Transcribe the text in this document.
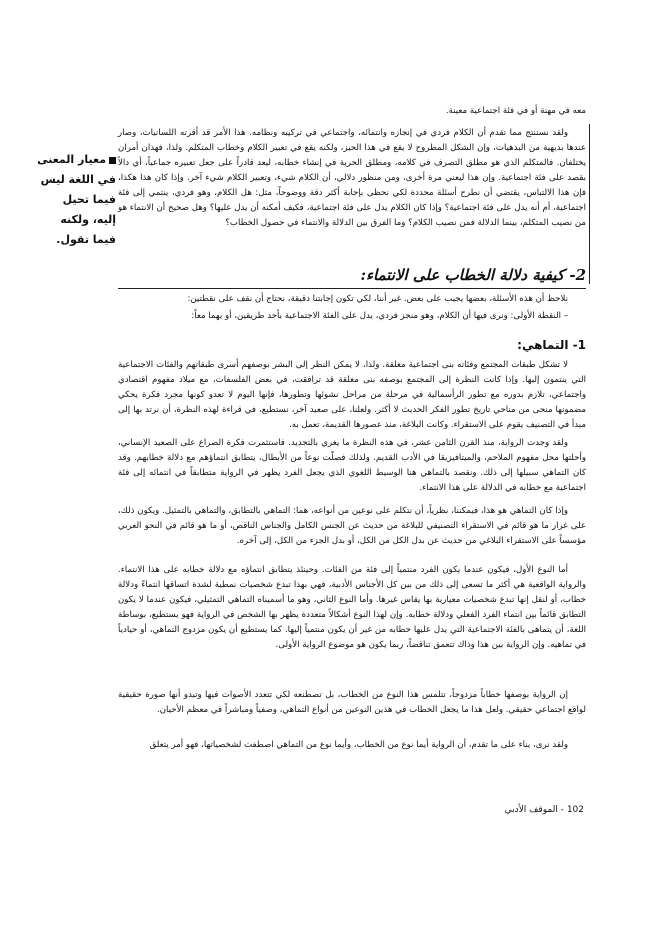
معيار المعنى في اللغة ليس فيما تحيل إليه، ولكنه فيما تقول.
معه في مهنة أو في فئة اجتماعية معينة.
ولقد نستنتج مما تقدم أن الكلام فردي في إنجازه وانتمائه، واجتماعي في تركيبه ونظامه. هذا الأمر قد أقرته اللسانيات، وصار عندها بديهية من البدهيات، وإن الشكل المطروح لا يقع في هذا الحيز، ولكنه يقع في تعبير الكلام وخطاب المتكلم. ولذا، فهذان أمران يختلفان. فالمتكلم الذي هو مطلق التصرف في كلامه، ومطلق الحرية في إنشاء خطابه، ليعد قادراً على جعل تعبيره جماعياً، أي دالاً بقصد على فئة اجتماعية. وإن هذا ليعني مرة أخرى، ومن منظور دلالي، أن الكلام شيء، وتعبير الكلام شيء آخر. وإذا كان هذا هكذا، فإن هذا الالتباس، يقتضي أن نطرح أسئلة محددة لكي نحظى بإجابة أكثر دقة ووضوحاً، مثل: هل الكلام، وهو فردي، ينتمي إلى فئة اجتماعية، أم أنه يدل على فئة اجتماعية؟ وإذا كان الكلام يدل على فئة اجتماعية، فكيف أمكنه أن يدل عليها؟ وهل صحيح أن الانتماء هو من نصيب المتكلم، بينما الدلالة فمن نصيب الكلام؟ وما الفرق بين الدلالة والانتماء في حصول الخطاب؟
2- كيفية دلالة الخطاب على الانتماء:
نلاحظ أن هذه الأسئلة، بعضها يجيب على بعض. غير أننا، لكي تكون إجابتنا دقيقة، نحتاج أن نقف على نقطتين:
– النقطة الأولى: ونرى فيها أن الكلام، وهو منجز فردي، يدل على الفئة الاجتماعية بأحد طريقين، أو بهما معاً:
1- التماهي:
لا تشكل طبقات المجتمع وفئاته بنى اجتماعية مغلقة. ولذا، لا يمكن النظر إلى البشر بوصفهم أسرى طبقاتهم والفئات الاجتماعية التي ينتمون إليها. وإذا كانت النظرة إلى المجتمع بوصفه بنى مغلقة قد ترافقت، في بعض الفلسفات، مع ميلاد مفهوم اقتصادي واجتماعي، تلازم بدوره مع تطور الرأسمالية في مرحلة من مراحل نشوئها وتطورها، فإنها اليوم لا تعدو كونها مجرد فكرة يحكي مضمونها منحى من مناحي تاريخ تطور الفكر الحديث لا أكثر. ولعلنا، على صعيد آخر، نستطيع، في قراءة لهذه النظرة، أن نرتد بها إلى مبدأ في التصنيف يقوم على الاستقراء. وكانت البلاغة، منذ عصورها القديمة، تعمل به.
ولقد وجدت الرواية، منذ القرن الثامن عشر، في هذه النظرة ما يغري بالتجديد. فاستثمرت فكرة الصراع على الصعيد الإنساني، وأحلتها محل مفهوم الملاحم، والميتافيزيقا في الأدب القديم. ولذلك فصلّت نوعاً من الأبطال، يتطابق انتماؤهم مع دلالة خطابهم. وقد كان التماهي سبيلها إلى ذلك. ونقصد بالتماهي هنا الوسيط اللغوي الذي يجعل الفرد يظهر في الرواية متطابقاً في انتمائه إلى فئة اجتماعية مع خطابه في الدلالة على هذا الانتماء.
وإذا كان التماهي هو هذا، فيمكننا، نظرياً، أن نتكلم على نوعين من أنواعه، هما: التماهي بالتطابق، والتماهي بالتمثيل. ويكون ذلك، على غرار ما هو قائم في الاستقراء التصنيفي للبلاغة من حديث عن الجنس الكامل والجناس الناقص، أو ما هو قائم في النحو العربي مؤسساً على الاستقراء البلاغي من حديث عن بدل الكل من الكل، أو بدل الجزء من الكل، إلى آخره.
أما النوع الأول، فيكون عندما يكون الفرد منتمياً إلى فئة من الفئات. وحينئذ يتطابق انتماؤه مع دلالة خطابه على هذا الانتماء. والرواية الواقعية هي أكثر ما تسعى إلى ذلك من بين كل الأجناس الأدبية، فهي بهذا تبدع شخصيات نمطية لشدة اتساقها انتماءً ودلالة خطاب، أو لنقل إنها تبدع شخصيات معيارية بها يقاس غيرها. وأما النوع الثاني، وهو ما أسميناه التماهي التمثيلي، فيكون عندما لا يكون التطابق قائماً بين انتماء الفرد الفعلي ودلالة خطابه. وإن لهذا النوع أشكالاً متعددة يظهر بها الشخص في الرواية فهو يستطيع، بوساطة اللغة، أن يتماهى بالفئة الاجتماعية التي يدل عليها خطابه من غير أن يكون منتمياً إليها. كما يستطيع أن يكون مزدوج التماهي، أو حيادياً في تماهيه. وإن الرواية بين هذا وذاك تتعمق تناقضاً، ربما يكون هو موضوع الرواية الأولى.
إن الرواية بوصفها خطاباً مزدوجاً، تتلمس هذا النوع من الخطاب، بل تصطنعه لكي تتعدد الأصوات فيها وتبدو أنها صورة حقيقية لواقع اجتماعي حقيقي. ولعل هذا ما يجعل الخطاب في هذين النوعين من أنواع التماهي، وصفياً ومباشراً في معظم الأحيان.
ولقد نرى، بناء على ما تقدم، أن الرواية أيما نوع من الخطاب، وأيما نوع من التماهي اصطفت لشخصياتها، فهو أمر يتعلق
102 - الموقف الأدبي
